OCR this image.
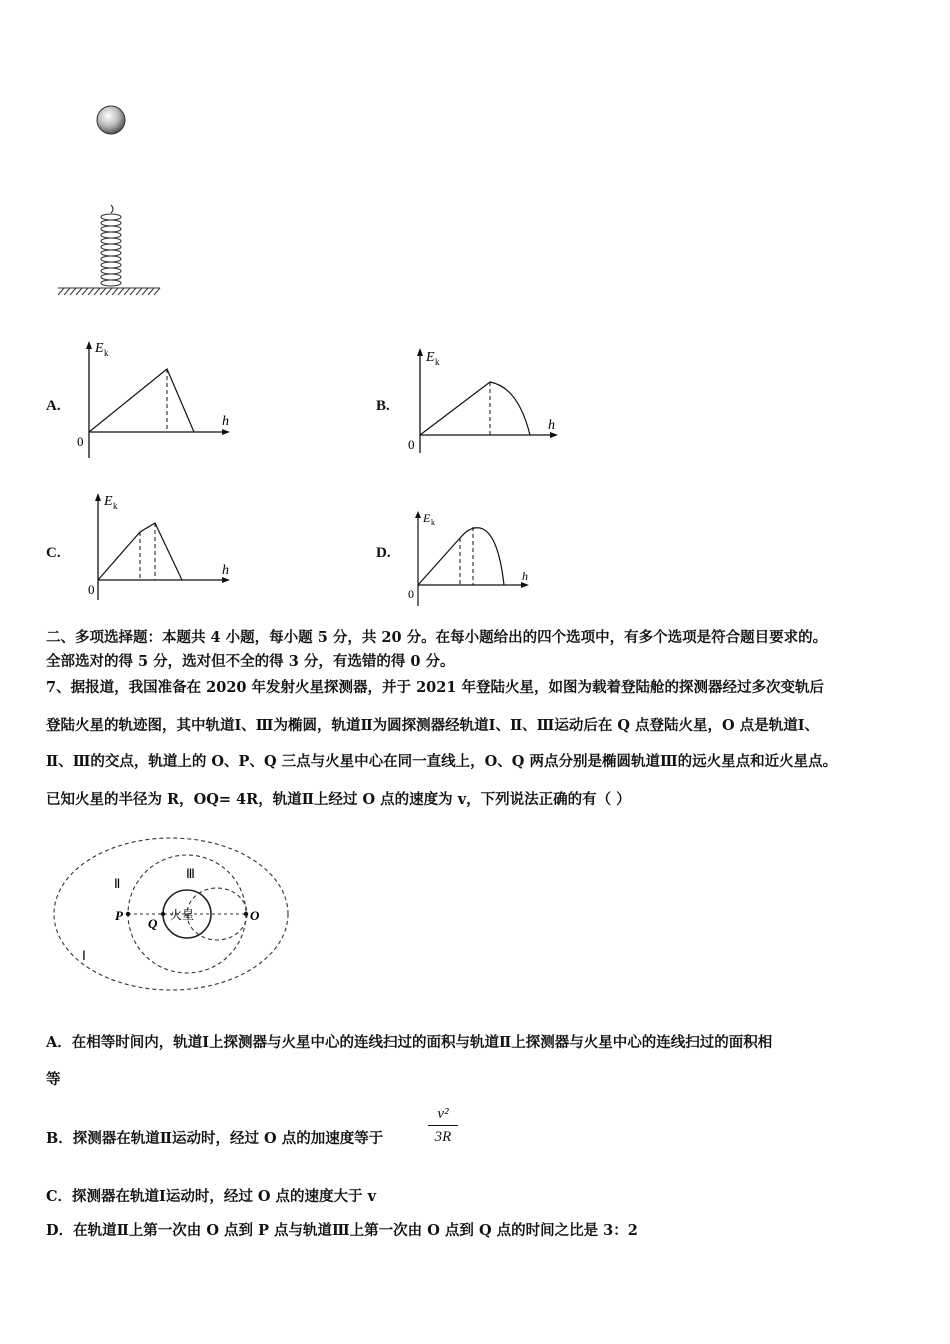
A.
E k
h
0
B.
E k
h
0
C.
E k
h
0
D.
E k
h
0
二、多项选择题：本题共 4 小题，每小题 5 分，共 20 分。在每小题给出的四个选项中，有多个选项是符合题目要求的。
全部选对的得 5 分，选对但不全的得 3 分，有选错的得 0 分。
7、据报道，我国准备在 2020 年发射火星探测器，并于 2021 年登陆火星，如图为载着登陆舱的探测器经过多次变轨后
登陆火星的轨迹图，其中轨道Ⅰ、Ⅲ为椭圆，轨道Ⅱ为圆探测器经轨道Ⅰ、Ⅱ、Ⅲ运动后在 Q 点登陆火星，O 点是轨道Ⅰ、
Ⅱ、Ⅲ的交点，轨道上的 O、P、Q 三点与火星中心在同一直线上，O、Q 两点分别是椭圆轨道Ⅲ的远火星点和近火星点。
已知火星的半径为 R，OQ= 4R，轨道Ⅱ上经过 O 点的速度为 v，下列说法正确的有（ ）
火星
P
Q
O
Ⅱ
Ⅲ
Ⅰ
A．在相等时间内，轨道Ⅰ上探测器与火星中心的连线扫过的面积与轨道Ⅱ上探测器与火星中心的连线扫过的面积相
等
B．探测器在轨道Ⅱ运动时，经过 O 点的加速度等于
v²
3R
C．探测器在轨道Ⅰ运动时，经过 O 点的速度大于 v
D．在轨道Ⅱ上第一次由 O 点到 P 点与轨道Ⅲ上第一次由 O 点到 Q 点的时间之比是 3：2
